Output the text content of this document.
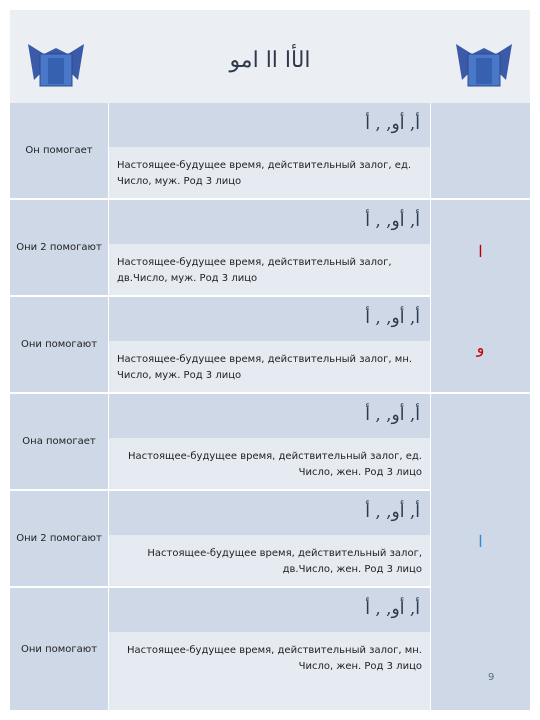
الأا اا امو
Он помогает
أ, أو, , أ
Настоящее-будущее время, действительный залог, ед. Число, муж. Род 3 лицо
Они 2 помогают
أ, أو, , أ
Настоящее-будущее время, действительный залог, дв.Число, муж. Род 3 лицо
Они помогают
أ, أو, , أ
Настоящее-будущее время, действительный залог, мн. Число, муж. Род 3 лицо
ا
و
Она помогает
أ, أو, , أ
Настоящее-будущее время, действительный залог, ед. Число, жен. Род 3 лицо
Они 2 помогают
أ, أو, , أ
Настоящее-будущее время, действительный залог, дв.Число, жен. Род 3 лицо
Они помогают
أ, أو, , أ
Настоящее-будущее время, действительный залог, мн. Число, жен. Род 3 лицо
ا
9
